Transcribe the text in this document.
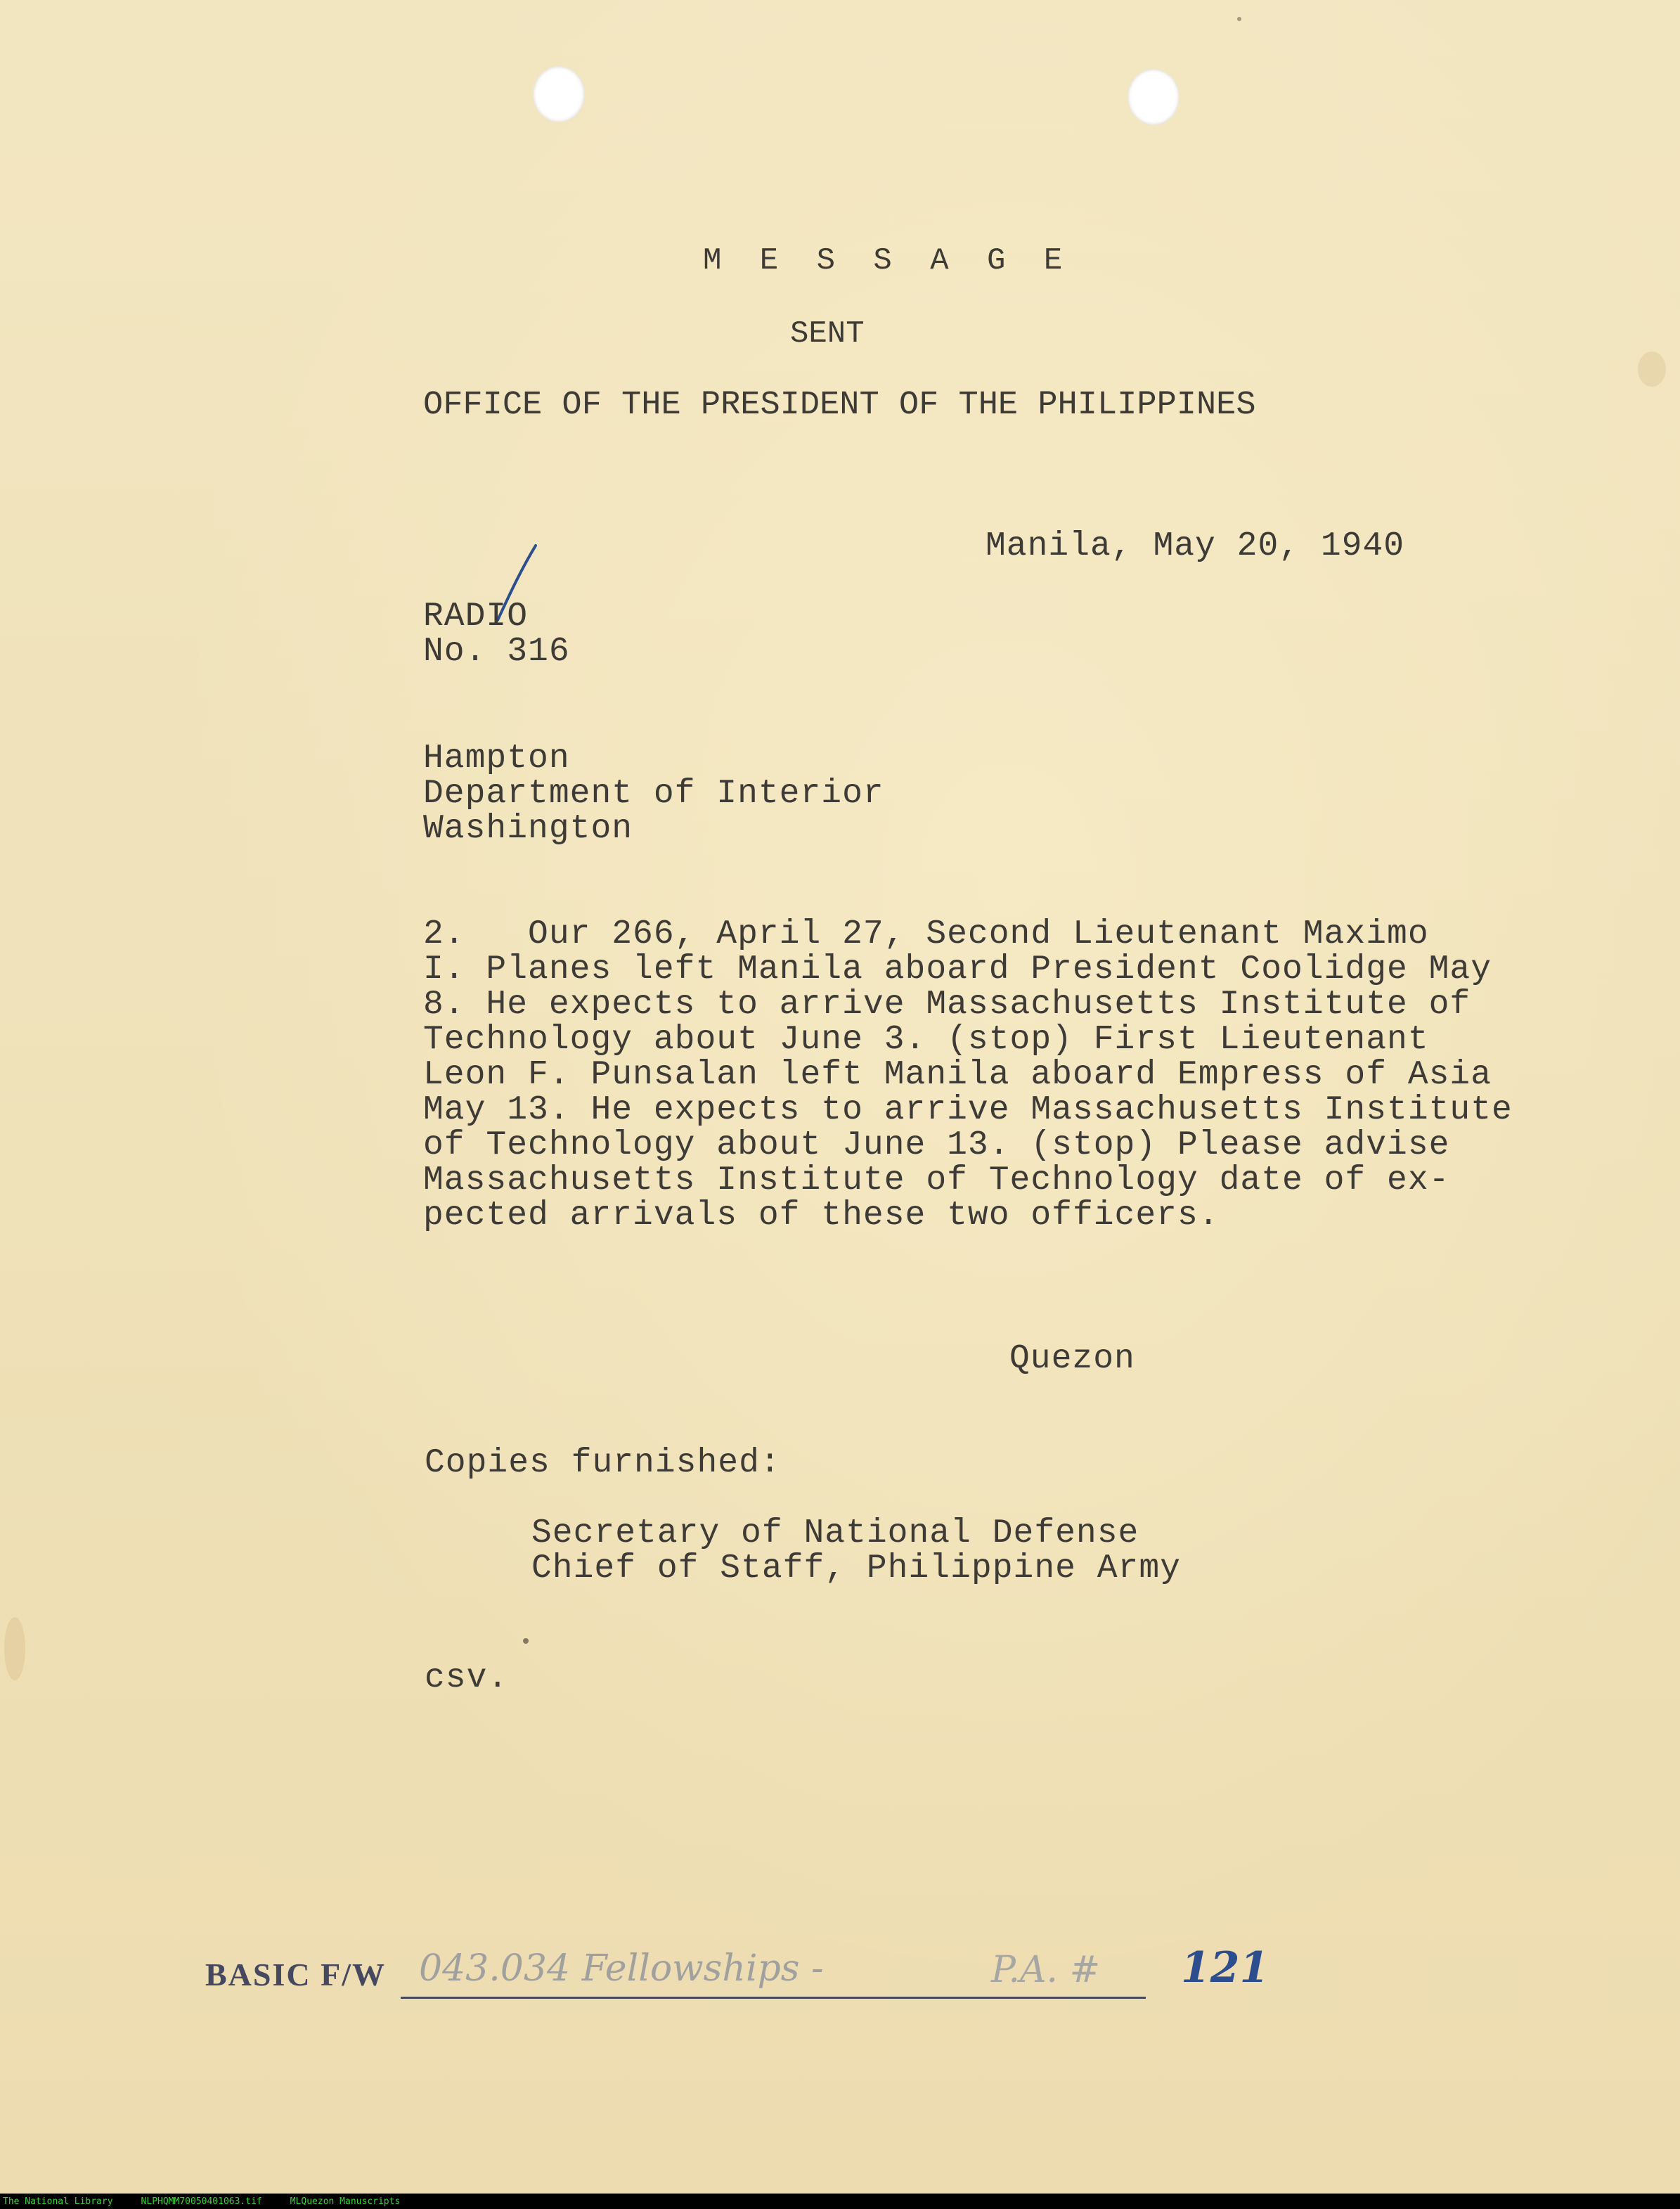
M E S S A G E
SENT
OFFICE OF THE PRESIDENT OF THE PHILIPPINES
Manila, May 20, 1940
RADIO
No. 316
Hampton
Department of Interior
Washington
2.   Our 266, April 27, Second Lieutenant Maximo
I. Planes left Manila aboard President Coolidge May
8. He expects to arrive Massachusetts Institute of
Technology about June 3. (stop) First Lieutenant
Leon F. Punsalan left Manila aboard Empress of Asia
May 13. He expects to arrive Massachusetts Institute
of Technology about June 13. (stop) Please advise
Massachusetts Institute of Technology date of ex-
pected arrivals of these two officers.
Quezon
Copies furnished:
Secretary of National Defense
Chief of Staff, Philippine Army
csv.
BASIC F/W 043.034 Fellowships -	P.A. # 121
The National Library	NLPHQMM70050401063.tif	MLQuezon Manuscripts
